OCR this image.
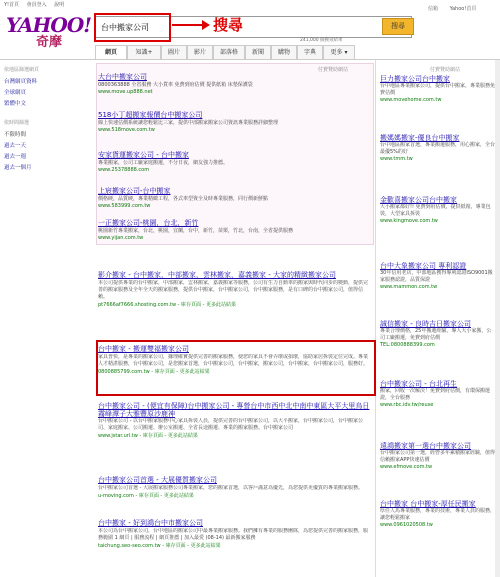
Y!首頁 會員登入 說明
信箱 Yahoo!首頁
YAHOO!
奇摩
台中搬家公司	搜尋	搜尋
241,000 個搜尋結果
網頁	知識+	圖片	影片	部落格	新聞	購物	字典	更多 ▾
依地區篩選網頁
台灣網頁資料
全球網頁
繁體中文
依時間篩選
不限時間
過去一天
過去一週
過去一個月
付費贊助網站
大台中搬家公司
0800363888 全省服務 大小貨車 免費到府估價 提供紙箱 床墊保護袋
www.move.up888.net
518小丁超搬家報價台中搬家公司
線上快速估價系統讓您輕鬆比三家，提供中部搬家搬家公司資訊專業服務詳細整理
www.518move.com.tw
安家貨運搬家公司 - 台中搬家
專業搬家，公司工廠家庭搬遷，不分日夜，網友強力推薦。
www.25378888.com
上宸搬家公司-台中搬家
價格硬，品質硬，專業精緻工程，各式車型資全及時專業服務，同行價新鮮點
www.583999.com.tw
一正搬家公司-桃園，台北，新竹
桃園新竹專業搬家，台北，桃園，宜蘭，台中，新竹，苗栗，竹北，台南，全省提供服務
www.yijan.com.tw
影介搬家 - 台中搬家，中部搬家，雲林搬家，嘉義搬家 - 大家的精緻搬家公司
本公司提供專業的台中搬家，中部搬家，雲林搬家，嘉義搬家等服務，公司有生力自動車的搬家與時代同步的變動，提供完善的搬家服務及全年全天的搬家服務，提供台中搬家，台中搬家公司，台中搬家服務，是有口碑的台中搬家公司，值得信賴。
pt7666af7666.shosting.com.tw - 庫存頁面 - 更多此站結果
台中搬家 - 搬運雙福搬家公司
家具普快，是專業的搬家公司，據理確實提供完善的搬家服務，使您的家具不會弄壞或損壞，協助家居拆裝定位完成。專業人才精湛服務，台中搬家公司，是您搬家首選，台中搬家公司，台中搬家，搬家公司，台中搬家，台中搬家公司，服務好。
0800885799.com.tw - 庫存頁面 - 更多此站結果
台中搬家公司 - (便宜有保障)台中搬家公司 - 專營台中市西中北中南中東區大平大里烏日霧峰潭子大雅豐原沙鹿神
台中搬家公司 - 以台中搬家服務中心家具拆裝人員，提供完善的台中搬家公司，以大平搬家，台中搬家公司，台中搬家公司、家庭搬家、公司搬遷、辦公室搬遷、全省長途搬遷、專業的搬家服務。台中搬家公司
www.jstar.url.tw - 庫存頁面 - 更多此站結果
台中搬家公司首選 - 大展優質搬家公司
台中搬家公司首選 - 大展搬家服務公司專業搬家，您的搬家首選，以客戶滿意為優先，為您提供更優質的專業搬家服務。
u-moving.com - 庫存頁面 - 更多此站結果
台中搬家 - 好到鴻台中市搬家公司
本公司為台中搬家公司，台中地區的搬家公司中最專業搬家服務。我們擁有專業的服務團隊，為您提供完善的搬家服務，服務範圍 1 網頁 | 服務流程 | 網頁推薦 | 加入最愛 (08-14) 最新搬家服務
taichung.seo-seo.com.tw - 庫存頁面 - 更多此站結果
付費贊助網站
巨力搬家公司台中搬家
台中地區專業搬家公司，提供台中搬家，專業服務免費估價
www.movehome.com.tw
搬媽媽搬家-優良台中搬家
台中地區搬家首選，專業搬遷服務，用心搬家，全台最優5%的好
www.tmm.tw
金歡喜搬家公司台中搬家
大小搬家都好!! 免費到府估價，提供紙箱，專業包裝，大型家具拆裝
www.kingmove.com.tw
台中大象搬家公司 專利認證
30年信用老店，中部地區獲得專利認證ISO9001搬家服務認證，品質保證
www.mammon.com.tw
誠信搬家 - 良時吉日搬家公司
專業合理價格，25年搬遷經驗，專人大小家搬，公司工廠搬遷，免費到府估價
TEL:0800888399.com
台中搬家公司 - 台北再生
搬家，回收一次解決！免費到府估價，有環保搬運證，全台服務
www.rbc.idv.tw/reuse
遠鴻搬家第一選台中搬家公司
台中搬家公司第一選，經營多年累積搬家經驗，值得信賴搬家APP快速估價
www.efmove.com.tw
台中搬家 台中搬家-厚任民搬家
厚任人馬專業服務，專業的技術，專業人員的服務，讓您輕鬆搬家
www.0961020508.tw
